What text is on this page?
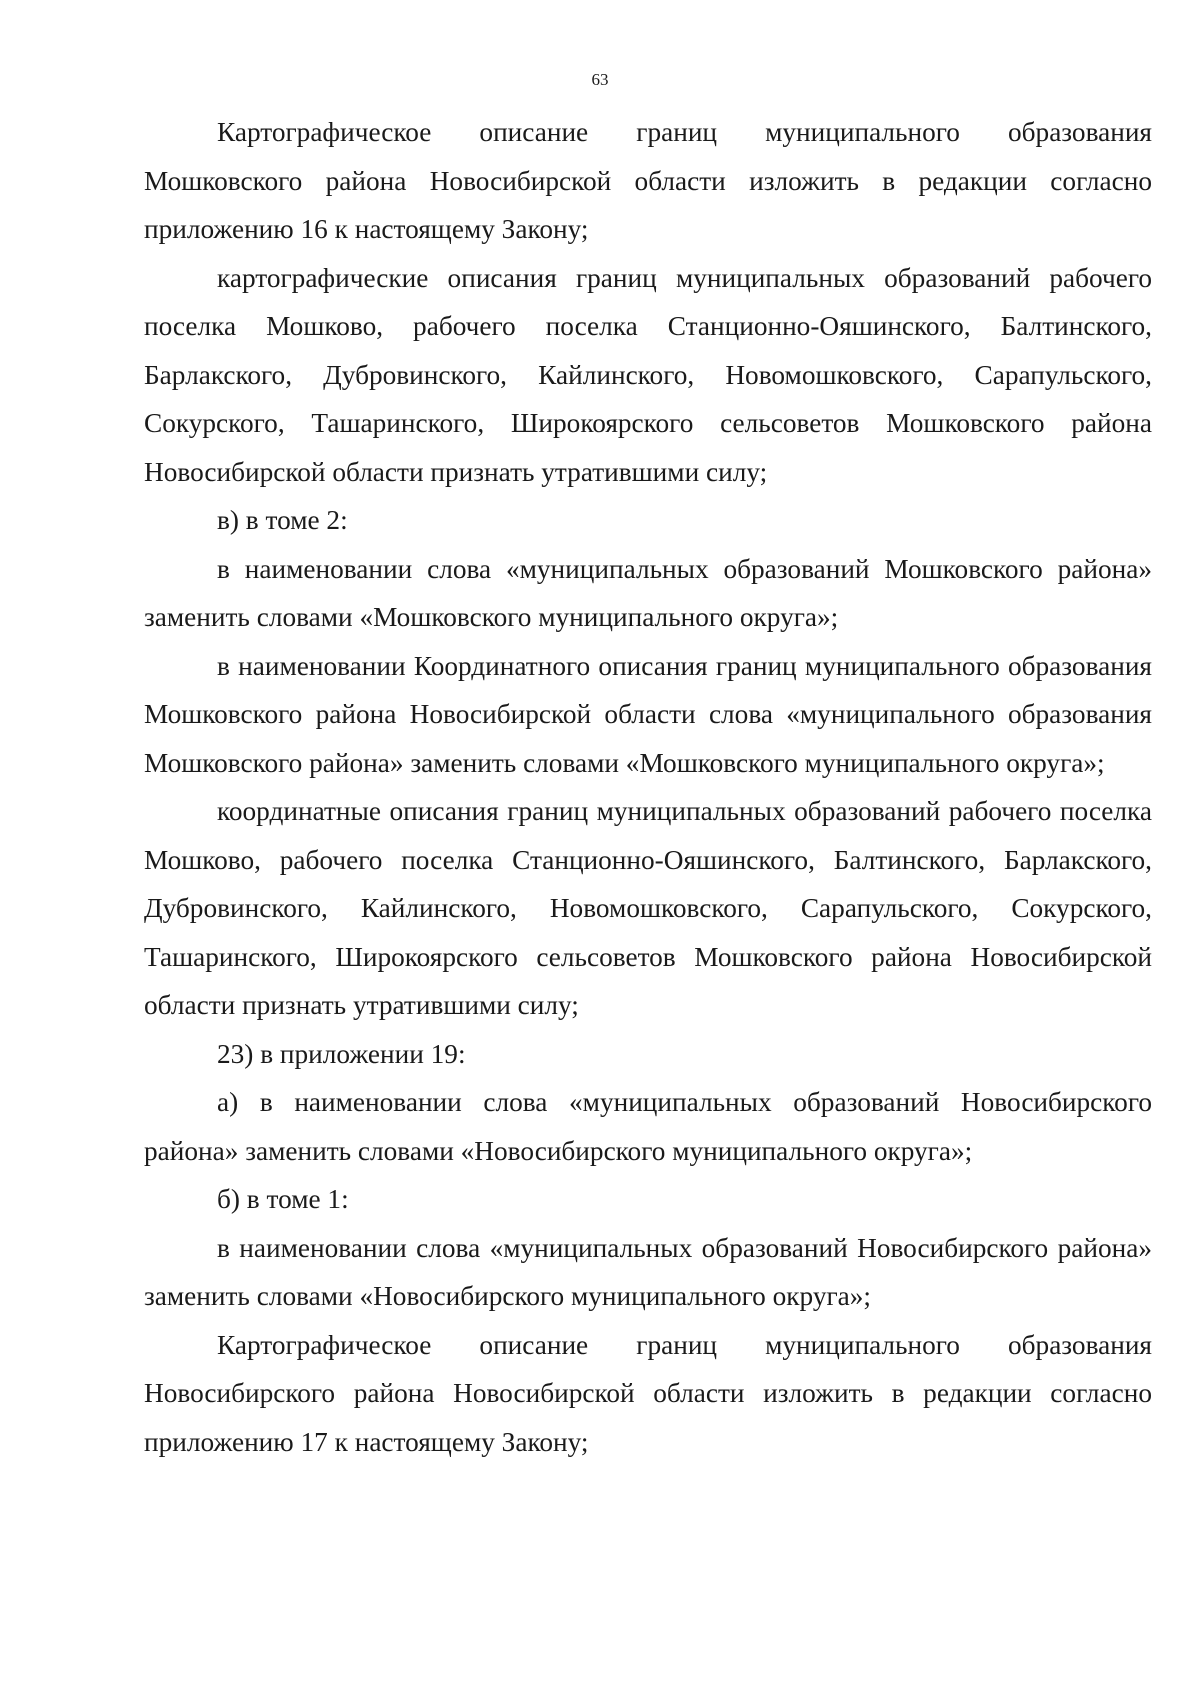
63

Картографическое описание границ муниципального образования Мошковского района Новосибирской области изложить в редакции согласно приложению 16 к настоящему Закону;

картографические описания границ муниципальных образований рабочего поселка Мошково, рабочего поселка Станционно-Ояшинского, Балтинского, Барлакского, Дубровинского, Кайлинского, Новомошковского, Сарапульского, Сокурского, Ташаринского, Широкоярского сельсоветов Мошковского района Новосибирской области признать утратившими силу;

в) в томе 2:

в наименовании слова «муниципальных образований Мошковского района» заменить словами «Мошковского муниципального округа»;

в наименовании Координатного описания границ муниципального образования Мошковского района Новосибирской области слова «муниципального образования Мошковского района» заменить словами «Мошковского муниципального округа»;

координатные описания границ муниципальных образований рабочего поселка Мошково, рабочего поселка Станционно-Ояшинского, Балтинского, Барлакского, Дубровинского, Кайлинского, Новомошковского, Сарапульского, Сокурского, Ташаринского, Широкоярского сельсоветов Мошковского района Новосибирской области признать утратившими силу;

23) в приложении 19:

а) в наименовании слова «муниципальных образований Новосибирского района» заменить словами «Новосибирского муниципального округа»;

б) в томе 1:

в наименовании слова «муниципальных образований Новосибирского района» заменить словами «Новосибирского муниципального округа»;

Картографическое описание границ муниципального образования Новосибирского района Новосибирской области изложить в редакции согласно приложению 17 к настоящему Закону;
